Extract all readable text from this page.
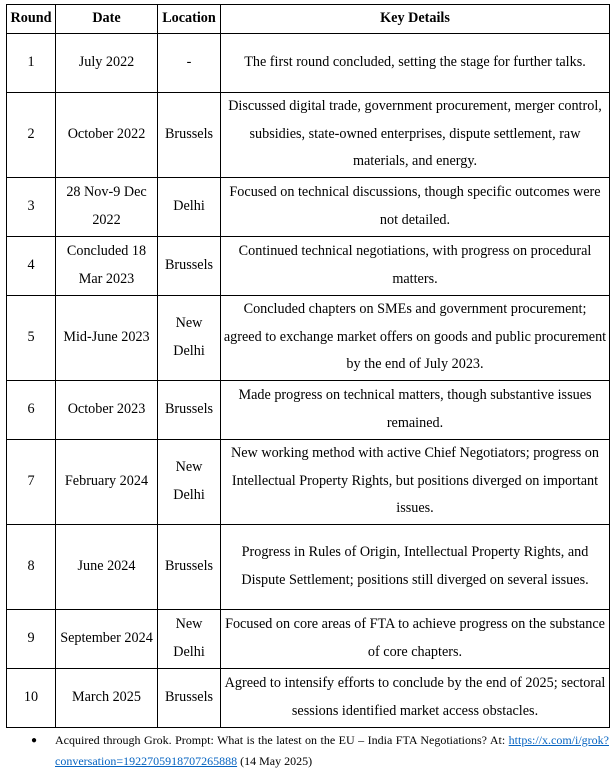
Round	Date	Location	Key Details
1	July 2022	-	The first round concluded, setting the stage for further talks.
2	October 2022	Brussels	Discussed digital trade, government procurement, merger control, subsidies, state-owned enterprises, dispute settlement, raw materials, and energy.
3	28 Nov-9 Dec 2022	Delhi	Focused on technical discussions, though specific outcomes were not detailed.
4	Concluded 18 Mar 2023	Brussels	Continued technical negotiations, with progress on procedural matters.
5	Mid-June 2023	New Delhi	Concluded chapters on SMEs and government procurement; agreed to exchange market offers on goods and public procurement by the end of July 2023.
6	October 2023	Brussels	Made progress on technical matters, though substantive issues remained.
7	February 2024	New Delhi	New working method with active Chief Negotiators; progress on Intellectual Property Rights, but positions diverged on important issues.
8	June 2024	Brussels	Progress in Rules of Origin, Intellectual Property Rights, and Dispute Settlement; positions still diverged on several issues.
9	September 2024	New Delhi	Focused on core areas of FTA to achieve progress on the substance of core chapters.
10	March 2025	Brussels	Agreed to intensify efforts to conclude by the end of 2025; sectoral sessions identified market access obstacles.
●	Acquired through Grok. Prompt: What is the latest on the EU – India FTA Negotiations? At: https://x.com/i/grok?conversation=1922705918707265888 (14 May 2025)
